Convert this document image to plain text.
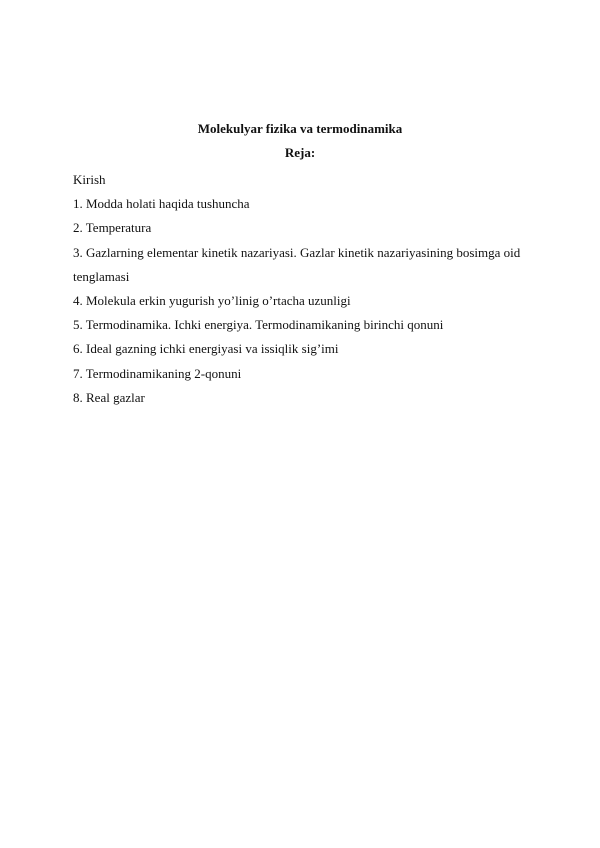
Molekulyar fizika va termodinamika
Reja:
Kirish
1. Modda holati haqida tushuncha
2. Temperatura
3. Gazlarning elementar kinetik nazariyasi. Gazlar kinetik nazariyasining bosimga oid tenglamasi
4. Molekula erkin yugurish yo’linig o’rtacha uzunligi
5. Termodinamika. Ichki energiya. Termodinamikaning birinchi qonuni
6. Ideal gazning ichki energiyasi va issiqlik sig’imi
7. Termodinamikaning 2-qonuni
8. Real gazlar
